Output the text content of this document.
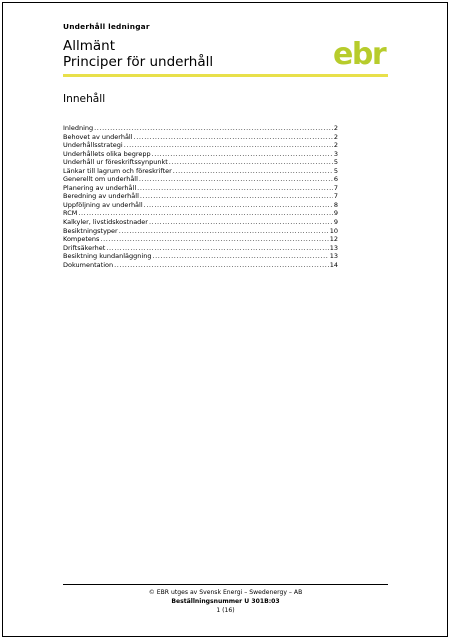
Underhåll ledningar
Allmänt
Principer för underhåll	ebr
Innehåll
Inledning .....	2
Behovet av underhåll .....	2
Underhållsstrategi .....	2
Underhållets olika begrepp .....	3
Underhåll ur föreskriftssynpunkt .....	5
Länkar till lagrum och föreskrifter .....	5
Generellt om underhåll .....	6
Planering av underhåll .....	7
Beredning av underhåll .....	7
Uppföljning av underhåll .....	8
RCM .....	9
Kalkyler, livstidskostnader .....	9
Besiktningstyper .....	10
Kompetens .....	12
Driftsäkerhet .....	13
Besiktning kundanläggning .....	13
Dokumentation .....	14
© EBR utges av Svensk Energi – Swedenergy – AB
Beställningsnummer U 301B:03
1 (16)
